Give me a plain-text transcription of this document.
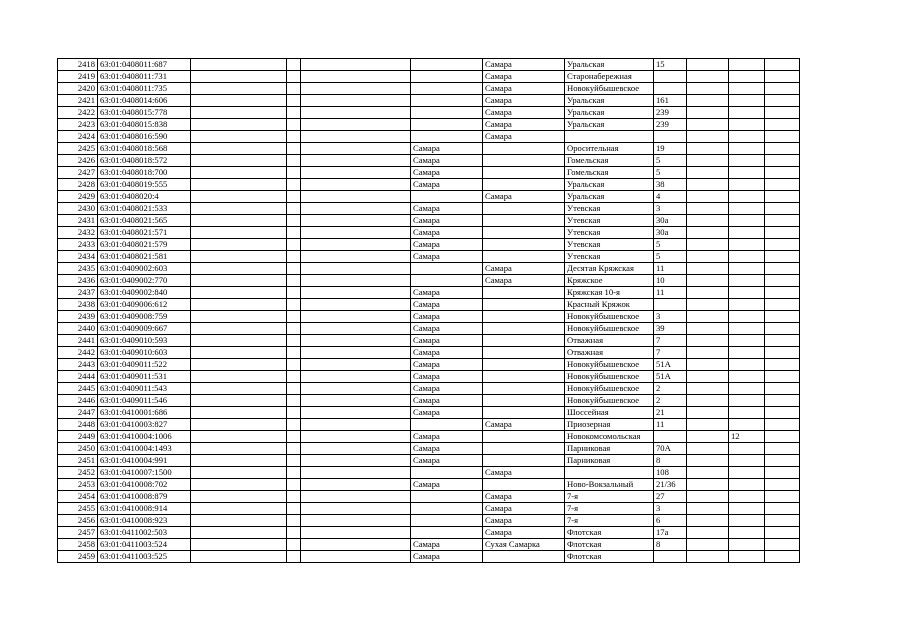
2418	63:01:0408011:687					Самара	Уральская	15			
2419	63:01:0408011:731					Самара	Старонабережная				
2420	63:01:0408011:735					Самара	Новокуйбышевское				
2421	63:01:0408014:606					Самара	Уральская	161			
2422	63:01:0408015:778					Самара	Уральская	239			
2423	63:01:0408015:838					Самара	Уральская	239			
2424	63:01:0408016:590					Самара					
2425	63:01:0408018:568				Самара		Оросительная	19			
2426	63:01:0408018:572				Самара		Гомельская	5			
2427	63:01:0408018:700				Самара		Гомельская	5			
2428	63:01:0408019:555				Самара		Уральская	38			
2429	63:01:0408020:4					Самара	Уральская	4			
2430	63:01:0408021:533				Самара		Утевская	3			
2431	63:01:0408021:565				Самара		Утевская	30а			
2432	63:01:0408021:571				Самара		Утевская	30а			
2433	63:01:0408021:579				Самара		Утевская	5			
2434	63:01:0408021:581				Самара		Утевская	5			
2435	63:01:0409002:603					Самара	Десятая Кряжская	11			
2436	63:01:0409002:770					Самара	Кряжское	10			
2437	63:01:0409002:840				Самара		Кряжская 10-я	11			
2438	63:01:0409006:612				Самара		Красный Кряжок				
2439	63:01:0409008:759				Самара		Новокуйбышевское	3			
2440	63:01:0409009:667				Самара		Новокуйбышевское	39			
2441	63:01:0409010:593				Самара		Отважная	7			
2442	63:01:0409010:603				Самара		Отважная	7			
2443	63:01:0409011:522				Самара		Новокуйбышевское	51А			
2444	63:01:0409011:531				Самара		Новокуйбышевское	51А			
2445	63:01:0409011:543				Самара		Новокуйбышевское	2			
2446	63:01:0409011:546				Самара		Новокуйбышевское	2			
2447	63:01:0410001:686				Самара		Шоссейная	21			
2448	63:01:0410003:827					Самара	Приозерная	11			
2449	63:01:0410004:1006				Самара		Новокомсомольская			12	
2450	63:01:0410004:1493				Самара		Парниковая	70А			
2451	63:01:0410004:991				Самара		Парниковая	8			
2452	63:01:0410007:1500					Самара		108			
2453	63:01:0410008:702				Самара		Ново-Вокзальный	21/36			
2454	63:01:0410008:879					Самара	7-я	27			
2455	63:01:0410008:914					Самара	7-я	3			
2456	63:01:0410008:923					Самара	7-я	6			
2457	63:01:0411002:503					Самара	Флотская	17а			
2458	63:01:0411003:524				Самара	Сухая Самарка	Флотская	8			
2459	63:01:0411003:525				Самара		Флотская				
